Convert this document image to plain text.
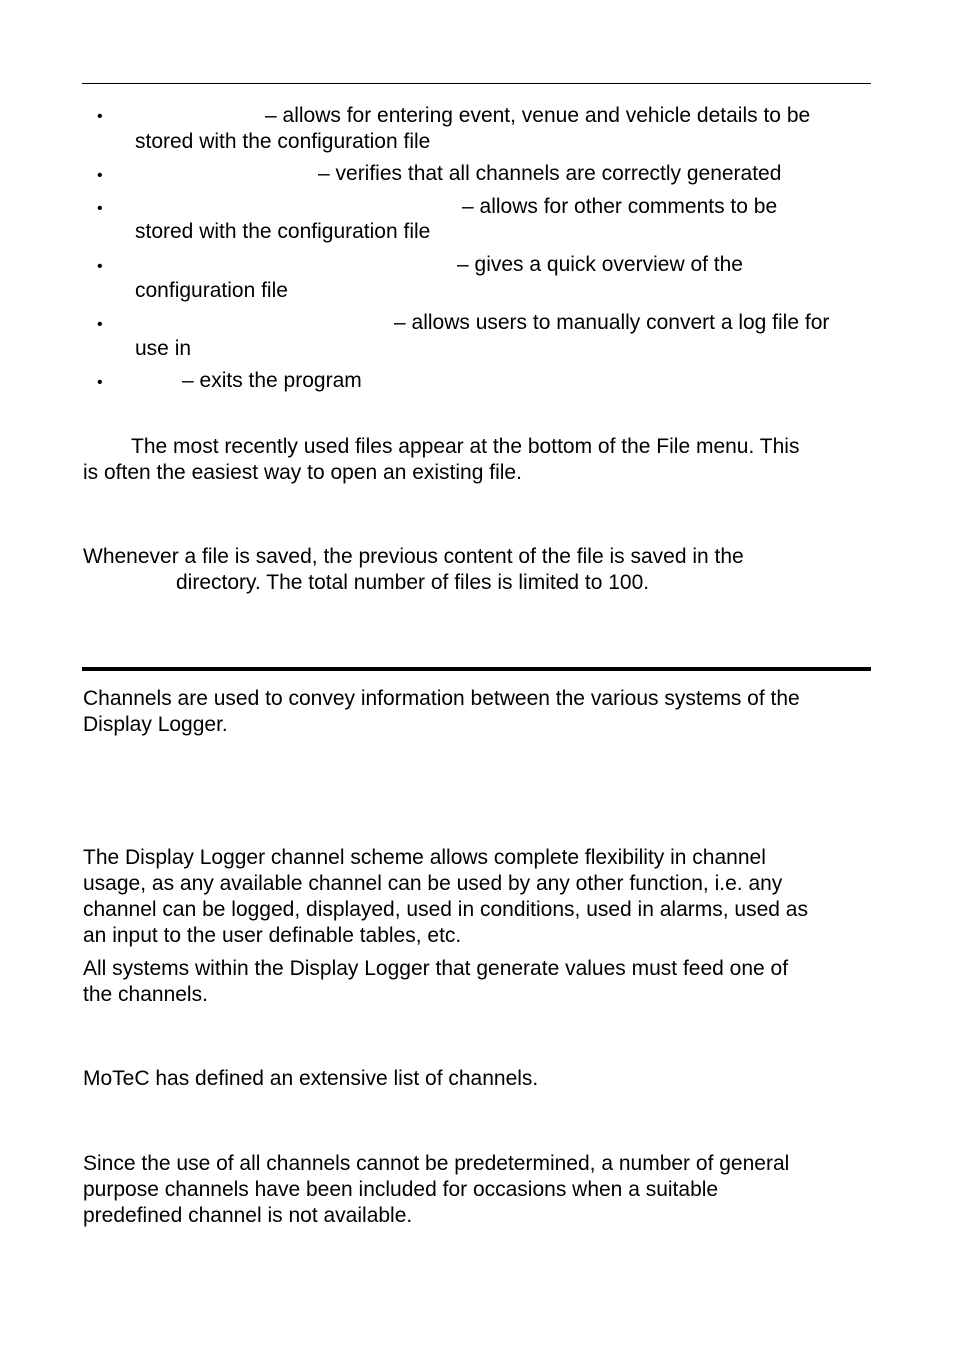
•	– allows for entering event, venue and vehicle details to be
stored with the configuration file
•	– verifies that all channels are correctly generated
•	– allows for other comments to be
stored with the configuration file
•	– gives a quick overview of the
configuration file
•	– allows users to manually convert a log file for
use in
•	– exits the program
The most recently used files appear at the bottom of the File menu. This
is often the easiest way to open an existing file.
Whenever a file is saved, the previous content of the file is saved in the
directory. The total number of files is limited to 100.
Channels are used to convey information between the various systems of the
Display Logger.
The Display Logger channel scheme allows complete flexibility in channel
usage, as any available channel can be used by any other function, i.e. any
channel can be logged, displayed, used in conditions, used in alarms, used as
an input to the user definable tables, etc.
All systems within the Display Logger that generate values must feed one of
the channels.
MoTeC has defined an extensive list of channels.
Since the use of all channels cannot be predetermined, a number of general
purpose channels have been included for occasions when a suitable
predefined channel is not available.
